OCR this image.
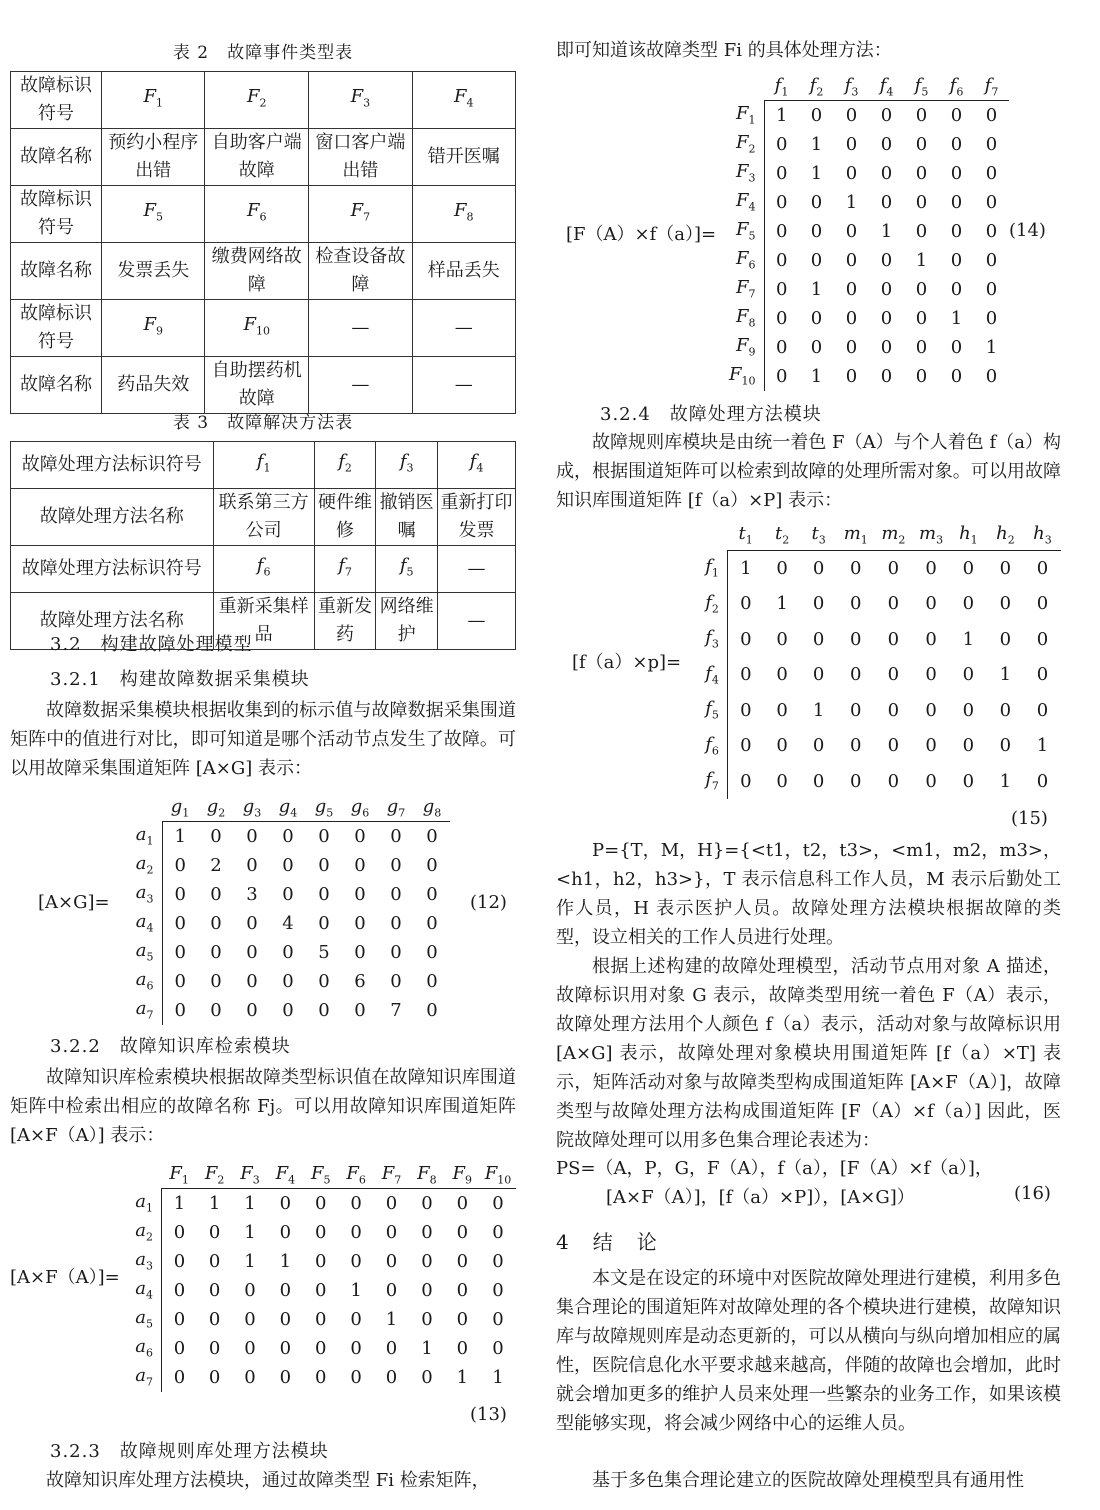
表 2　故障事件类型表

故障标识符号	$F_1$	$F_2$	$F_3$	$F_4$
故障名称	预约小程序出错	自助客户端故障	窗口客户端出错	错开医嘱
故障标识符号	$F_5$	$F_6$	$F_7$	$F_8$
故障名称	发票丢失	缴费网络故障	检查设备故障	样品丢失
故障标识符号	$F_9$	$F_{10}$	—	—
故障名称	药品失效	自助摆药机故障	—	—

表 3　故障解决方法表

故障处理方法标识符号	$f_1$	$f_2$	$f_3$	$f_4$
故障处理方法名称	联系第三方公司	硬件维修	撤销医嘱	重新打印发票
故障处理方法标识符号	$f_6$	$f_7$	$f_5$	—
故障处理方法名称	重新采集样品	重新发药	网络维护	—

3.2　构建故障处理模型

3.2.1　构建故障数据采集模块

故障数据采集模块根据收集到的标示值与故障数据采集围道矩阵中的值进行对比，即可知道是哪个活动节点发生了故障。可以用故障采集围道矩阵 [A×G] 表示：

[A×G]=	(12)
	$g_1$	$g_2$	$g_3$	$g_4$	$g_5$	$g_6$	$g_7$	$g_8$
$a_1$	1	0	0	0	0	0	0	0
$a_2$	0	2	0	0	0	0	0	0
$a_3$	0	0	3	0	0	0	0	0
$a_4$	0	0	0	4	0	0	0	0
$a_5$	0	0	0	0	5	0	0	0
$a_6$	0	0	0	0	0	6	0	0
$a_7$	0	0	0	0	0	0	7	0

3.2.2　故障知识库检索模块

故障知识库检索模块根据故障类型标识值在故障知识库围道矩阵中检索出相应的故障名称 Fj。可以用故障知识库围道矩阵 [A×F（A）] 表示：

[A×F（A）]=
(13)
	$F_1$	$F_2$	$F_3$	$F_4$	$F_5$	$F_6$	$F_7$	$F_8$	$F_9$	$F_{10}$
$a_1$	1	1	1	0	0	0	0	0	0	0
$a_2$	0	0	1	0	0	0	0	0	0	0
$a_3$	0	0	1	1	0	0	0	0	0	0
$a_4$	0	0	0	0	0	1	0	0	0	0
$a_5$	0	0	0	0	0	0	1	0	0	0
$a_6$	0	0	0	0	0	0	0	1	0	0
$a_7$	0	0	0	0	0	0	0	0	1	1

3.2.3　故障规则库处理方法模块

故障知识库处理方法模块，通过故障类型 Fi 检索矩阵，

即可知道该故障类型 Fi 的具体处理方法：

[F（A）×f（a）]=	(14)
	$f_1$	$f_2$	$f_3$	$f_4$	$f_5$	$f_6$	$f_7$
$F_1$	1	0	0	0	0	0	0
$F_2$	0	1	0	0	0	0	0
$F_3$	0	1	0	0	0	0	0
$F_4$	0	0	1	0	0	0	0
$F_5$	0	0	0	1	0	0	0
$F_6$	0	0	0	0	1	0	0
$F_7$	0	1	0	0	0	0	0
$F_8$	0	0	0	0	0	1	0
$F_9$	0	0	0	0	0	0	1
$F_{10}$	0	1	0	0	0	0	0

3.2.4　故障处理方法模块

故障规则库模块是由统一着色 F（A）与个人着色 f（a）构成，根据围道矩阵可以检索到故障的处理所需对象。可以用故障知识库围道矩阵 [f（a）×P] 表示：

[f（a）×p]=
(15)
	$t_1$	$t_2$	$t_3$	$m_1$	$m_2$	$m_3$	$h_1$	$h_2$	$h_3$
$f_1$	1	0	0	0	0	0	0	0	0
$f_2$	0	1	0	0	0	0	0	0	0
$f_3$	0	0	0	0	0	0	1	0	0
$f_4$	0	0	0	0	0	0	0	1	0
$f_5$	0	0	1	0	0	0	0	0	0
$f_6$	0	0	0	0	0	0	0	0	1
$f_7$	0	0	0	0	0	0	0	1	0

P={T，M，H}={<t1，t2，t3>，<m1，m2，m3>，<h1，h2，h3>}，T 表示信息科工作人员，M 表示后勤处工作人员，H 表示医护人员。故障处理方法模块根据故障的类型，设立相关的工作人员进行处理。

根据上述构建的故障处理模型，活动节点用对象 A 描述，故障标识用对象 G 表示，故障类型用统一着色 F（A）表示，故障处理方法用个人颜色 f（a）表示，活动对象与故障标识用 [A×G] 表示，故障处理对象模块用围道矩阵 [f（a）×T] 表示，矩阵活动对象与故障类型构成围道矩阵 [A×F（A）]，故障类型与故障处理方法构成围道矩阵 [F（A）×f（a）] 因此，医院故障处理可以用多色集合理论表述为：

PS=（A，P，G，F（A），f（a），[F（A）×f（a）]，

[A×F（A）]，[f（a）×P]），[A×G]）	(16)

4　结　论

本文是在设定的环境中对医院故障处理进行建模，利用多色集合理论的围道矩阵对故障处理的各个模块进行建模，故障知识库与故障规则库是动态更新的，可以从横向与纵向增加相应的属性，医院信息化水平要求越来越高，伴随的故障也会增加，此时就会增加更多的维护人员来处理一些繁杂的业务工作，如果该模型能够实现，将会减少网络中心的运维人员。

基于多色集合理论建立的医院故障处理模型具有通用性
